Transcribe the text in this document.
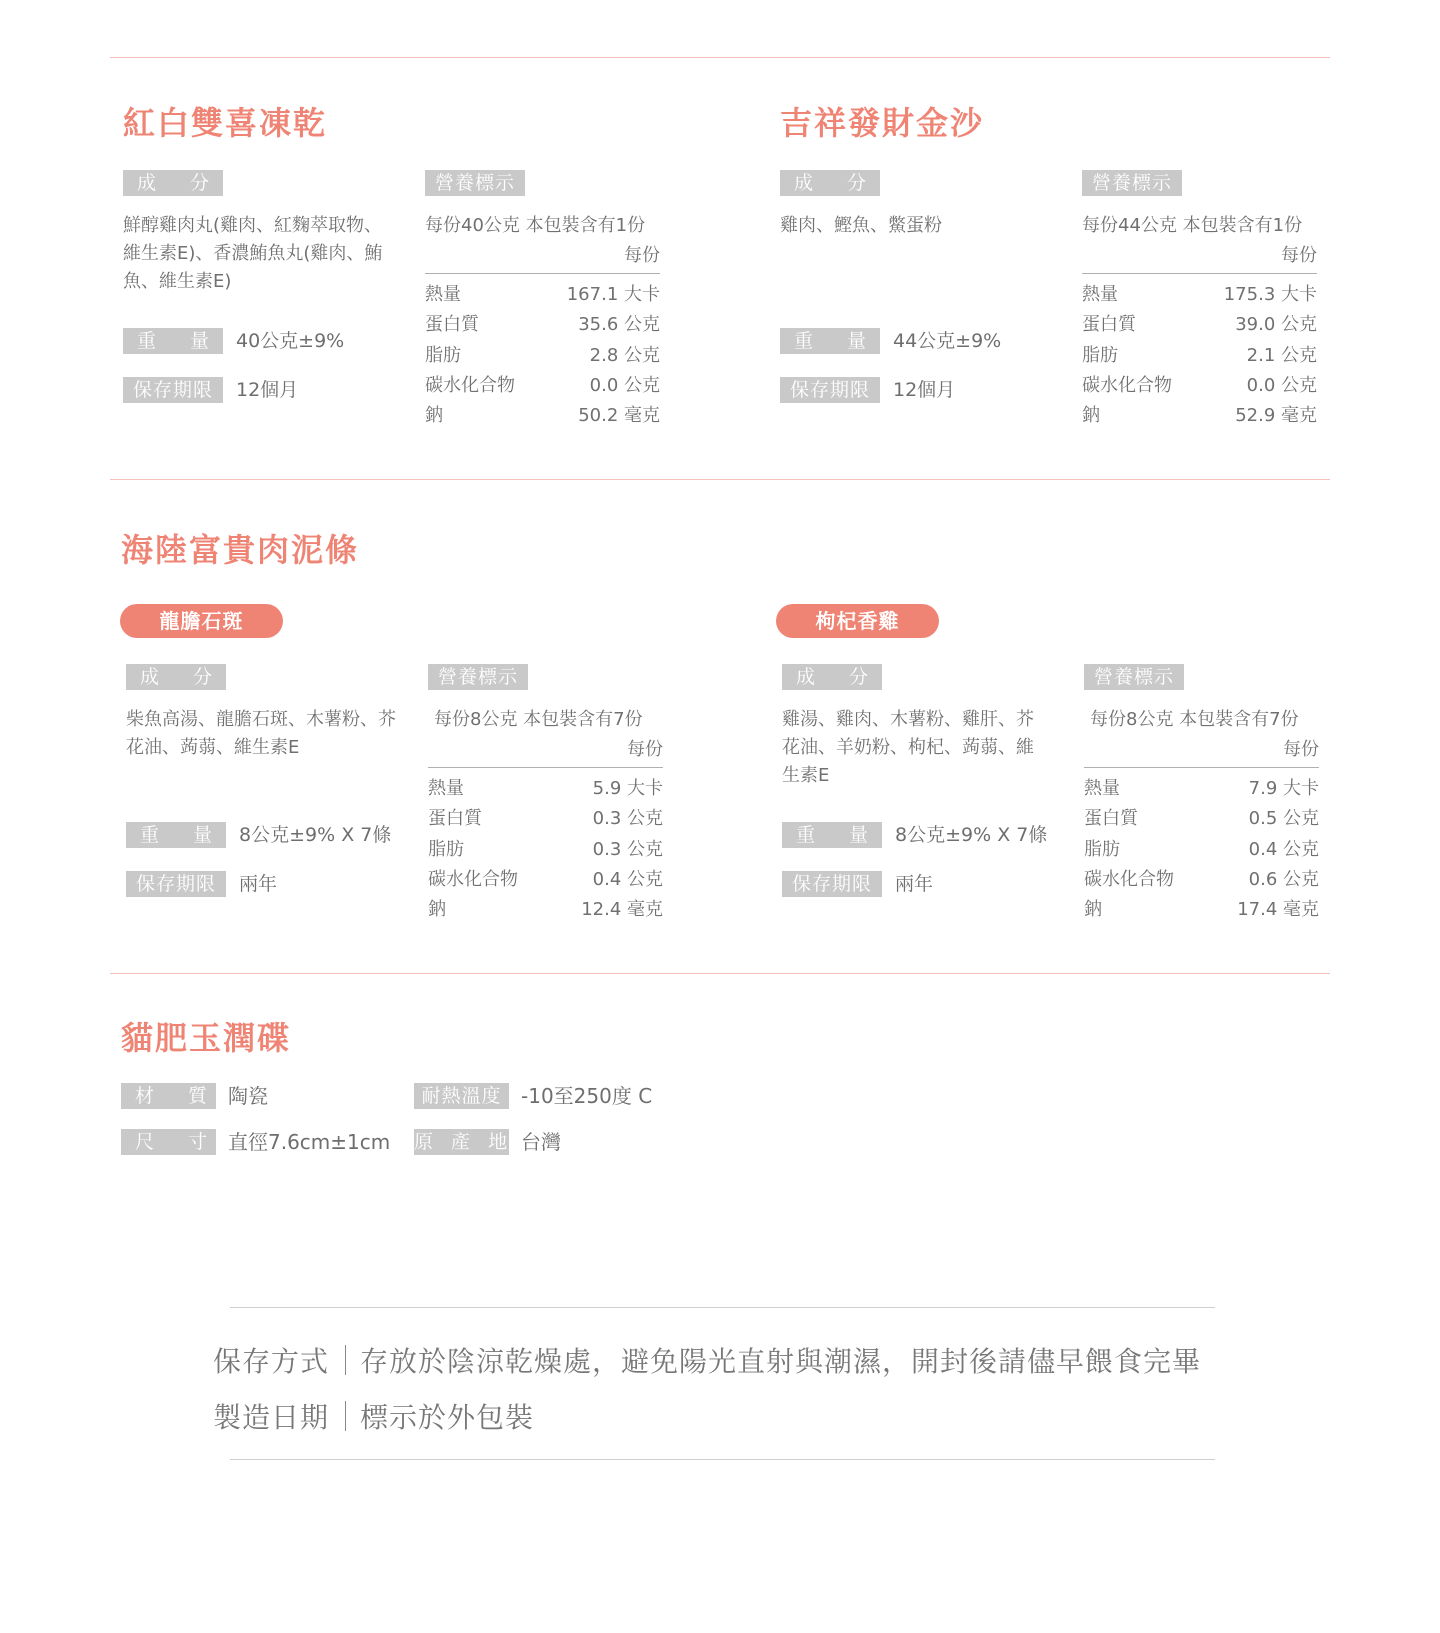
紅白雙喜凍乾
成 分	營養標示
鮮醇雞肉丸(雞肉、紅麴萃取物、維生素E)、香濃鮪魚丸(雞肉、鮪魚、維生素E)
重 量 40公克±9%
保存期限	12個月
每份40公克 本包裝含有1份
每份
熱量	167.1 大卡
蛋白質	35.6 公克
脂肪	2.8 公克
碳水化合物	0.0 公克
鈉	50.2 毫克
吉祥發財金沙
成 分	營養標示
雞肉、鰹魚、鱉蛋粉
重 量 44公克±9%
保存期限	12個月
每份44公克 本包裝含有1份
每份
熱量	175.3 大卡
蛋白質	39.0 公克
脂肪	2.1 公克
碳水化合物	0.0 公克
鈉	52.9 毫克
海陸富貴肉泥條
龍膽石斑
成 分	營養標示
柴魚高湯、龍膽石斑、木薯粉、芥花油、蒟蒻、維生素E
重 量 8公克±9% X 7條
保存期限	兩年
每份8公克 本包裝含有7份
每份
熱量	5.9 大卡
蛋白質	0.3 公克
脂肪	0.3 公克
碳水化合物	0.4 公克
鈉	12.4 毫克
枸杞香雞
成 分	營養標示
雞湯、雞肉、木薯粉、雞肝、芥花油、羊奶粉、枸杞、蒟蒻、維生素E
重 量 8公克±9% X 7條
保存期限	兩年
每份8公克 本包裝含有7份
每份
熱量	7.9 大卡
蛋白質	0.5 公克
脂肪	0.4 公克
碳水化合物	0.6 公克
鈉	17.4 毫克
貓肥玉潤碟
材 質 陶瓷	耐熱溫度 -10至250度 C
尺 寸 直徑7.6cm±1cm 原 產 地 台灣
保存方式 存放於陰涼乾燥處，避免陽光直射與潮濕，開封後請儘早餵食完畢
製造日期 標示於外包裝
